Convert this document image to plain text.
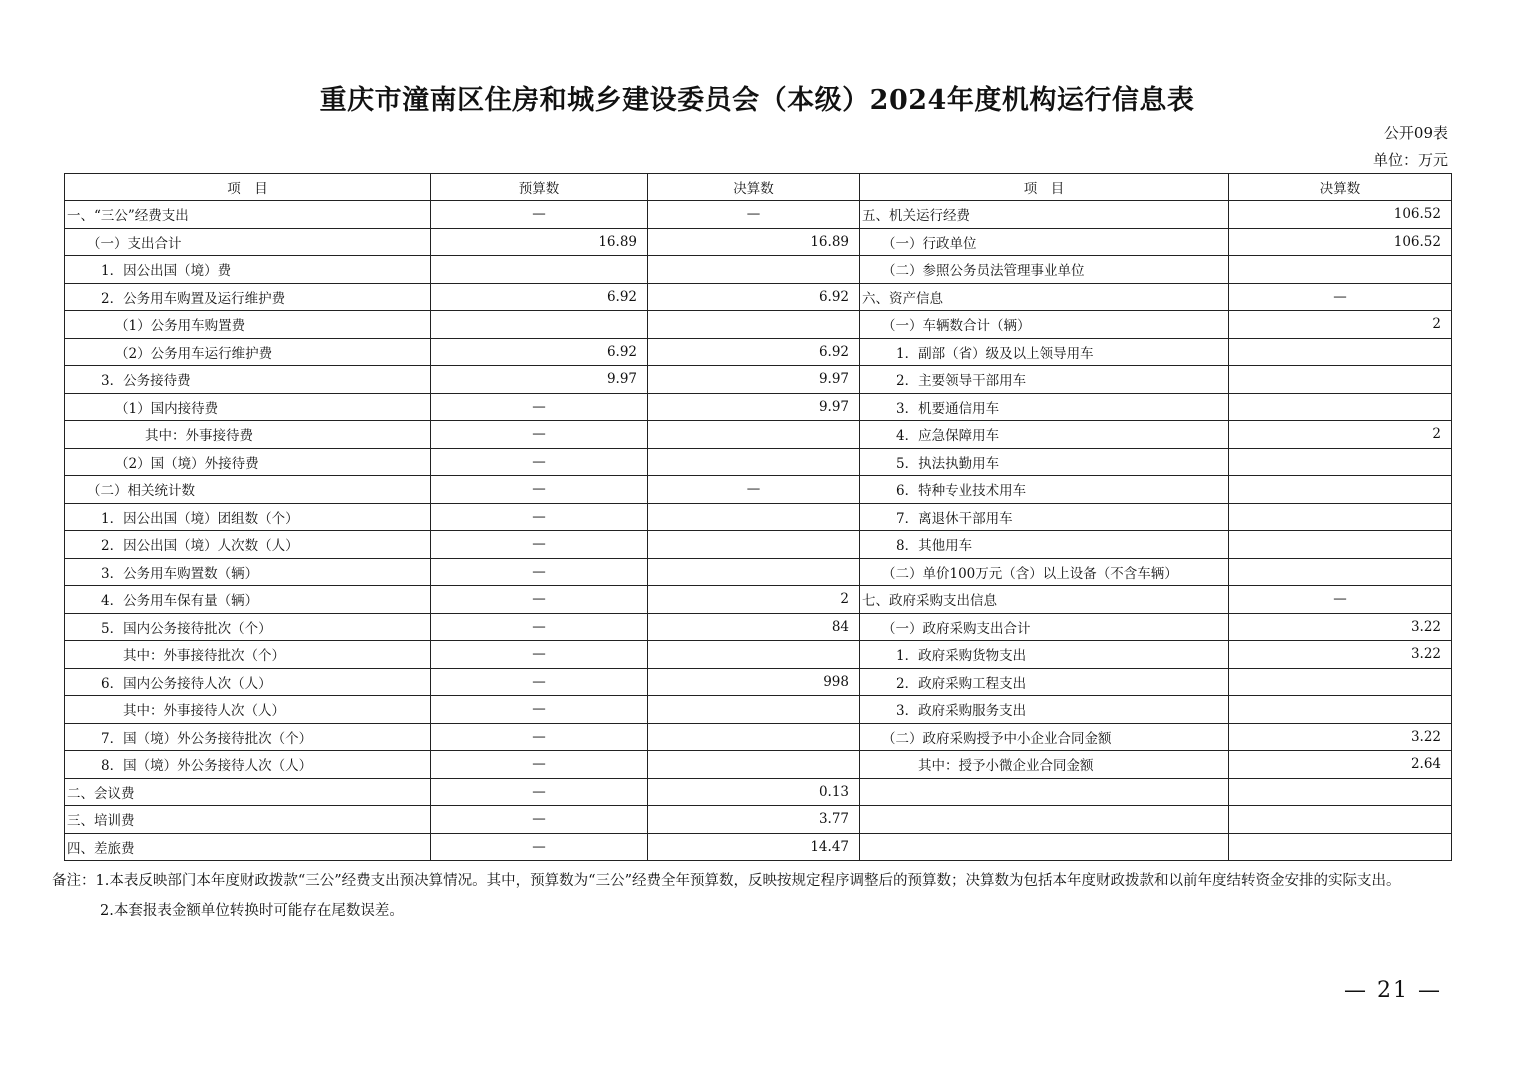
重庆市潼南区住房和城乡建设委员会（本级）2024年度机构运行信息表
公开09表
单位：万元
项　目	预算数	决算数	项　目	决算数
一、“三公”经费支出	—	—	五、机关运行经费	106.52
（一）支出合计	16.89	16.89	（一）行政单位	106.52
1．因公出国（境）费			（二）参照公务员法管理事业单位	
2．公务用车购置及运行维护费	6.92	6.92	六、资产信息	—
（1）公务用车购置费			（一）车辆数合计（辆）	2
（2）公务用车运行维护费	6.92	6.92	1．副部（省）级及以上领导用车	
3．公务接待费	9.97	9.97	2．主要领导干部用车	
（1）国内接待费	—	9.97	3．机要通信用车	
其中：外事接待费	—		4．应急保障用车	2
（2）国（境）外接待费	—		5．执法执勤用车	
（二）相关统计数	—	—	6．特种专业技术用车	
1．因公出国（境）团组数（个）	—		7．离退休干部用车	
2．因公出国（境）人次数（人）	—		8．其他用车	
3．公务用车购置数（辆）	—		（二）单价100万元（含）以上设备（不含车辆）	
4．公务用车保有量（辆）	—	2	七、政府采购支出信息	—
5．国内公务接待批次（个）	—	84	（一）政府采购支出合计	3.22
其中：外事接待批次（个）	—		1．政府采购货物支出	3.22
6．国内公务接待人次（人）	—	998	2．政府采购工程支出	
其中：外事接待人次（人）	—		3．政府采购服务支出	
7．国（境）外公务接待批次（个）	—		（二）政府采购授予中小企业合同金额	3.22
8．国（境）外公务接待人次（人）	—		其中：授予小微企业合同金额	2.64
二、会议费	—	0.13		
三、培训费	—	3.77		
四、差旅费	—	14.47		
备注：1.本表反映部门本年度财政拨款“三公”经费支出预决算情况。其中，预算数为“三公”经费全年预算数，反映按规定程序调整后的预算数；决算数为包括本年度财政拨款和以前年度结转资金安排的实际支出。
2.本套报表金额单位转换时可能存在尾数误差。
— 21 —
